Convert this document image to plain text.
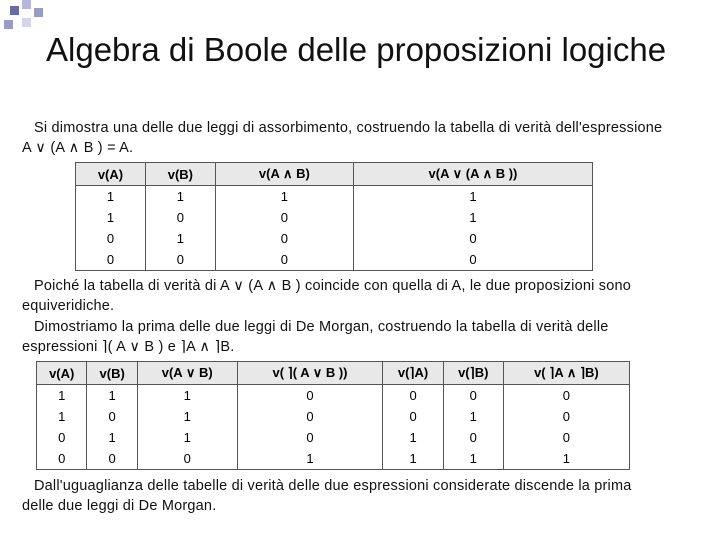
Algebra di Boole delle proposizioni logiche
Si dimostra una delle due leggi di assorbimento, costruendo la tabella di verità dell'espressione A ∨ (A ∧ B ) = A.
v(A)	v(B)	v(A ∧ B)	v(A ∨ (A ∧ B ))
1	1	1	1
1	0	0	1
0	1	0	0
0	0	0	0
Poiché la tabella di verità di A ∨ (A ∧ B ) coincide con quella di A, le due proposizioni sono equiveridiche.
Dimostriamo la prima delle due leggi di De Morgan, costruendo la tabella di verità delle espressioni ⌉( A ∨ B ) e ⌉A ∧ ⌉B.
v(A)	v(B)	v(A ∨ B)	v( ⌉( A ∨ B ))	v(⌉A)	v(⌉B)	v( ⌉A ∧ ⌉B)
1	1	1	0	0	0	0
1	0	1	0	0	1	0
0	1	1	0	1	0	0
0	0	0	1	1	1	1
Dall'uguaglianza delle tabelle di verità delle due espressioni considerate discende la prima delle due leggi di De Morgan.
